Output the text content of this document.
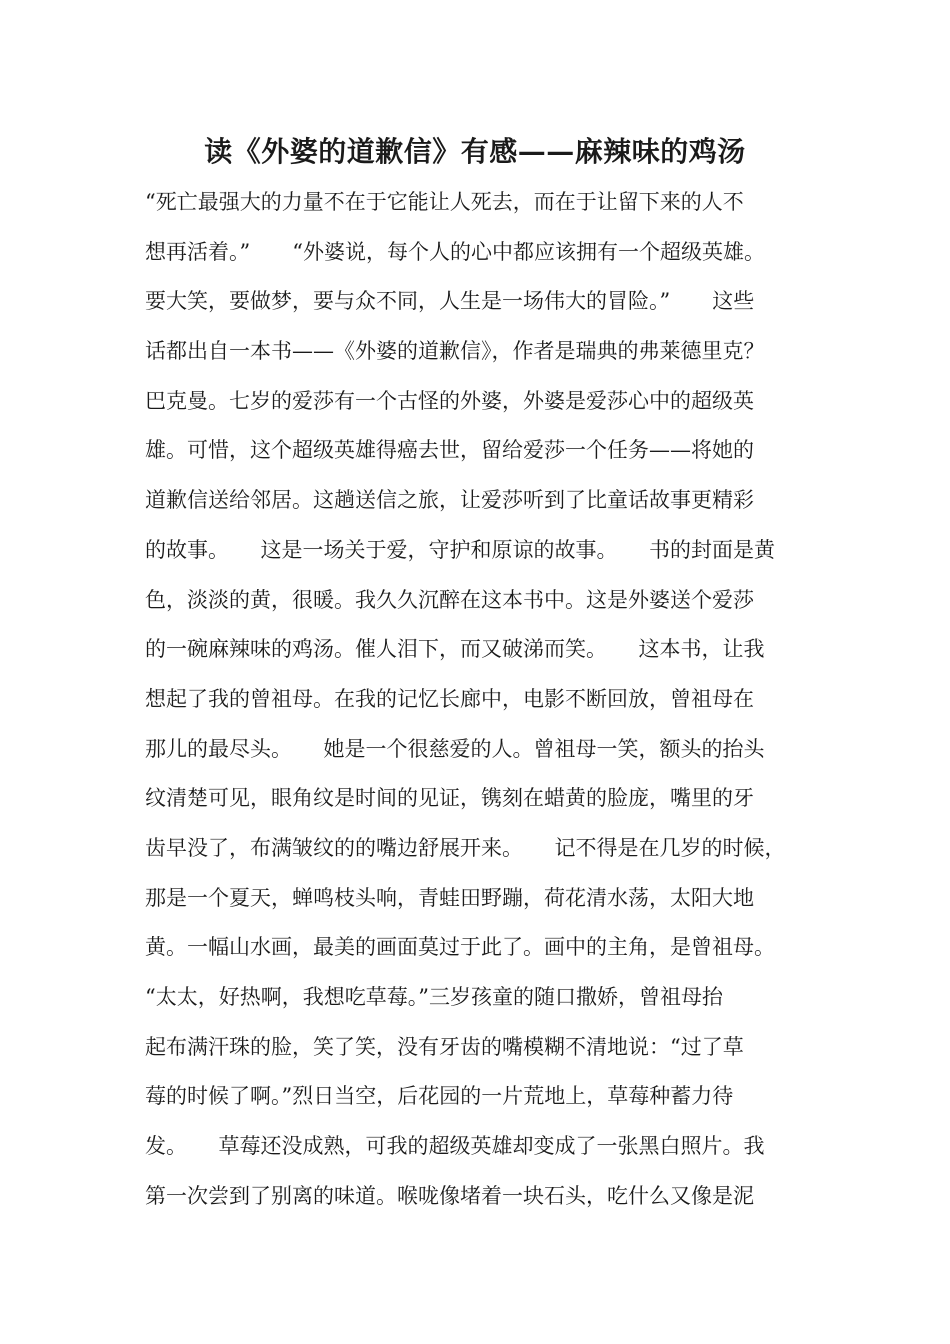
读《外婆的道歉信》有感——麻辣味的鸡汤
“死亡最强大的力量不在于它能让人死去，而在于让留下来的人不
想再活着。”　　“外婆说，每个人的心中都应该拥有一个超级英雄。
要大笑，要做梦，要与众不同，人生是一场伟大的冒险。”　　这些
话都出自一本书——《外婆的道歉信》，作者是瑞典的弗莱德里克？
巴克曼。七岁的爱莎有一个古怪的外婆，外婆是爱莎心中的超级英
雄。可惜，这个超级英雄得癌去世，留给爱莎一个任务——将她的
道歉信送给邻居。这趟送信之旅，让爱莎听到了比童话故事更精彩
的故事。　　这是一场关于爱，守护和原谅的故事。　　书的封面是黄
色，淡淡的黄，很暖。我久久沉醉在这本书中。这是外婆送个爱莎
的一碗麻辣味的鸡汤。催人泪下，而又破涕而笑。　　这本书，让我
想起了我的曾祖母。在我的记忆长廊中，电影不断回放，曾祖母在
那儿的最尽头。　　她是一个很慈爱的人。曾祖母一笑，额头的抬头
纹清楚可见，眼角纹是时间的见证，镌刻在蜡黄的脸庞，嘴里的牙
齿早没了，布满皱纹的的嘴边舒展开来。　　记不得是在几岁的时候，
那是一个夏天，蝉鸣枝头响，青蛙田野蹦，荷花清水荡，太阳大地
黄。一幅山水画，最美的画面莫过于此了。画中的主角，是曾祖母。
“太太，好热啊，我想吃草莓。”三岁孩童的随口撒娇，曾祖母抬
起布满汗珠的脸，笑了笑，没有牙齿的嘴模糊不清地说：“过了草
莓的时候了啊。”烈日当空，后花园的一片荒地上，草莓种蓄力待
发。　　草莓还没成熟，可我的超级英雄却变成了一张黑白照片。我
第一次尝到了别离的味道。喉咙像堵着一块石头，吃什么又像是泥
